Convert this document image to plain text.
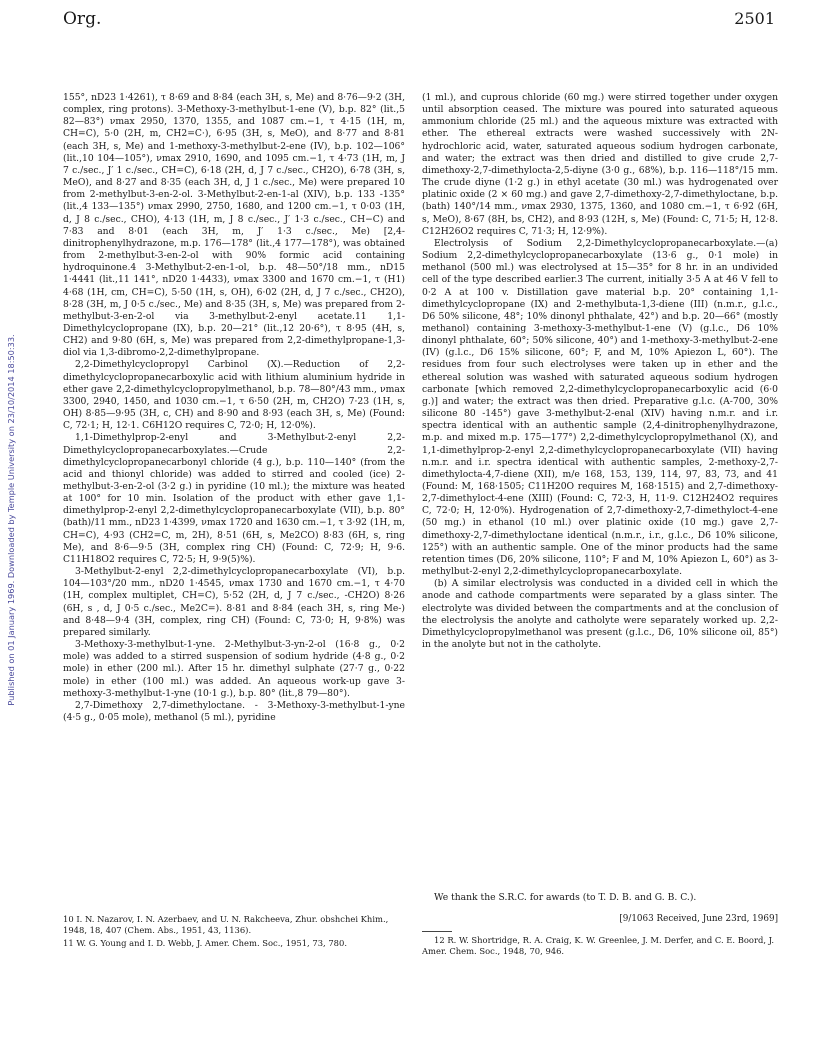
Org.	2501
Published on 01 January 1969. Downloaded by Temple University on 23/10/2014 18:50:33.

155°, nD23 1·4261), τ 8·69 and 8·84 (each 3H, s, Me) and 8·76—9·2 (3H, complex, ring protons). 3-Methoxy-3-methylbut-1-ene (V), b.p. 82° (lit.,5 82—83°) νmax 2950, 1370, 1355, and 1087 cm.−1, τ 4·15 (1H, m, CH=C), 5·0 (2H, m, CH2=C·), 6·95 (3H, s, MeO), and 8·77 and 8·81 (each 3H, s, Me) and 1-methoxy-3-methylbut-2-ene (IV), b.p. 102—106° (lit.,10 104—105°), νmax 2910, 1690, and 1095 cm.−1, τ 4·73 (1H, m, J 7 c./sec., J′ 1 c./sec., CH=C), 6·18 (2H, d, J 7 c./sec., CH2O), 6·78 (3H, s, MeO), and 8·27 and 8·35 (each 3H, d, J 1 c./sec., Me) were prepared 10 from 2-methylbut-3-en-2-ol. 3-Methylbut-2-en-1-al (XIV), b.p. 133 -135° (lit.,4 133—135°) νmax 2990, 2750, 1680, and 1200 cm.−1, τ 0·03 (1H, d, J 8 c./sec., CHO), 4·13 (1H, m, J 8 c./sec., J′ 1·3 c./sec., CH−C) and 7·83 and 8·01 (each 3H, m, J′ 1·3 c./sec., Me) [2,4-dinitrophenylhydrazone, m.p. 176—178° (lit.,4 177—178°), was obtained from 2-methylbut-3-en-2-ol with 90% formic acid containing hydroquinone.4 3-Methylbut-2-en-1-ol, b.p. 48—50°/18 mm., nD15 1·4441 (lit.,11 141°, nD20 1·4433), νmax 3300 and 1670 cm.−1, τ (H1) 4·68 (1H, cm, CH=C), 5·50 (1H, s, OH), 6·02 (2H, d, J 7 c./sec., CH2O), 8·28 (3H, m, J 0·5 c./sec., Me) and 8·35 (3H, s, Me) was prepared from 2-methylbut-3-en-2-ol via 3-methylbut-2-enyl acetate.11 1,1-Dimethylcyclopropane (IX), b.p. 20—21° (lit.,12 20·6°), τ 8·95 (4H, s, CH2) and 9·80 (6H, s, Me) was prepared from 2,2-dimethylpropane-1,3-diol via 1,3-dibromo-2,2-dimethylpropane.

2,2-Dimethylcyclopropyl Carbinol (X).—Reduction of 2,2-dimethylcyclopropanecarboxylic acid with lithium aluminium hydride in ether gave 2,2-dimethylcyclopropylmethanol, b.p. 78—80°/43 mm., νmax 3300, 2940, 1450, and 1030 cm.−1, τ 6·50 (2H, m, CH2O) 7·23 (1H, s, OH) 8·85—9·95 (3H, c, CH) and 8·90 and 8·93 (each 3H, s, Me) (Found: C, 72·1; H, 12·1. C6H12O requires C, 72·0; H, 12·0%).

1,1-Dimethylprop-2-enyl and 3-Methylbut-2-enyl 2,2-Dimethylcyclopropanecarboxylates.—Crude 2,2-dimethylcyclopropanecarbonyl chloride (4 g.), b.p. 110—140° (from the acid and thionyl chloride) was added to stirred and cooled (ice) 2-methylbut-3-en-2-ol (3·2 g.) in pyridine (10 ml.); the mixture was heated at 100° for 10 min. Isolation of the product with ether gave 1,1-dimethylprop-2-enyl 2,2-dimethylcyclopropanecarboxylate (VII), b.p. 80° (bath)/11 mm., nD23 1·4399, νmax 1720 and 1630 cm.−1, τ 3·92 (1H, m, CH=C), 4·93 (CH2=C, m, 2H), 8·51 (6H, s, Me2CO) 8·83 (6H, s, ring Me), and 8·6—9·5 (3H, complex ring CH) (Found: C, 72·9; H, 9·6. C11H18O2 requires C, 72·5; H, 9·9(5)%).

3-Methylbut-2-enyl 2,2-dimethylcyclopropanecarboxylate (VI), b.p. 104—103°/20 mm., nD20 1·4545, νmax 1730 and 1670 cm.−1, τ 4·70 (1H, complex multiplet, CH=C), 5·52 (2H, d, J 7 c./sec., -CH2O) 8·26 (6H, s , d, J 0·5 c./sec., Me2C=). 8·81 and 8·84 (each 3H, s, ring Me-) and 8·48—9·4 (3H, complex, ring CH) (Found: C, 73·0; H, 9·8%) was prepared similarly.

3-Methoxy-3-methylbut-1-yne. 2-Methylbut-3-yn-2-ol (16·8 g., 0·2 mole) was added to a stirred suspension of sodium hydride (4·8 g., 0·2 mole) in ether (200 ml.). After 15 hr. dimethyl sulphate (27·7 g., 0·22 mole) in ether (100 ml.) was added. An aqueous work-up gave 3-methoxy-3-methylbut-1-yne (10·1 g.), b.p. 80° (lit.,8 79—80°).

2,7-Dimethoxy 2,7-dimethyloctane. - 3-Methoxy-3-methylbut-1-yne (4·5 g., 0·05 mole), methanol (5 ml.), pyridine

10 I. N. Nazarov, I. N. Azerbaev, and U. N. Rakcheeva, Zhur. obshchei Khim., 1948, 18, 407 (Chem. Abs., 1951, 43, 1136).

11 W. G. Young and I. D. Webb, J. Amer. Chem. Soc., 1951, 73, 780.

(1 ml.), and cuprous chloride (60 mg.) were stirred together under oxygen until absorption ceased. The mixture was poured into saturated aqueous ammonium chloride (25 ml.) and the aqueous mixture was extracted with ether. The ethereal extracts were washed successively with 2N-hydrochloric acid, water, saturated aqueous sodium hydrogen carbonate, and water; the extract was then dried and distilled to give crude 2,7-dimethoxy-2,7-dimethylocta-2,5-diyne (3·0 g., 68%), b.p. 116—118°/15 mm. The crude diyne (1·2 g.) in ethyl acetate (30 ml.) was hydrogenated over platinic oxide (2 × 60 mg.) and gave 2,7-dimethoxy-2,7-dimethyloctane, b.p. (bath) 140°/14 mm., νmax 2930, 1375, 1360, and 1080 cm.−1, τ 6·92 (6H, s, MeO), 8·67 (8H, bs, CH2), and 8·93 (12H, s, Me) (Found: C, 71·5; H, 12·8. C12H26O2 requires C, 71·3; H, 12·9%).

Electrolysis of Sodium 2,2-Dimethylcyclopropanecarboxylate.—(a) Sodium 2,2-dimethylcyclopropanecarboxylate (13·6 g., 0·1 mole) in methanol (500 ml.) was electrolysed at 15—35° for 8 hr. in an undivided cell of the type described earlier.3 The current, initially 3·5 A at 46 V fell to 0·2 A at 100 v. Distillation gave material b.p. 20° containing 1,1-dimethylcyclopropane (IX) and 2-methylbuta-1,3-diene (III) (n.m.r., g.l.c., D6 50% silicone, 48°; 10% dinonyl phthalate, 42°) and b.p. 20—66° (mostly methanol) containing 3-methoxy-3-methylbut-1-ene (V) (g.l.c., D6 10% dinonyl phthalate, 60°; 50% silicone, 40°) and 1-methoxy-3-methylbut-2-ene (IV) (g.l.c., D6 15% silicone, 60°; F, and M, 10% Apiezon L, 60°). The residues from four such electrolyses were taken up in ether and the ethereal solution was washed with saturated aqueous sodium hydrogen carbonate [which removed 2,2-dimethylcyclopropanecarboxylic acid (6·0 g.)] and water; the extract was then dried. Preparative g.l.c. (A-700, 30% silicone 80 -145°) gave 3-methylbut-2-enal (XIV) having n.m.r. and i.r. spectra identical with an authentic sample (2,4-dinitrophenylhydrazone, m.p. and mixed m.p. 175—177°) 2,2-dimethylcyclopropylmethanol (X), and 1,1-dimethylprop-2-enyl 2,2-dimethylcyclopropanecarboxylate (VII) having n.m.r. and i.r. spectra identical with authentic samples, 2-methoxy-2,7-dimethylocta-4,7-diene (XII), m/e 168, 153, 139, 114, 97, 83, 73, and 41 (Found: M, 168·1505; C11H20O requires M, 168·1515) and 2,7-dimethoxy-2,7-dimethyloct-4-ene (XIII) (Found: C, 72·3, H, 11·9. C12H24O2 requires C, 72·0; H, 12·0%). Hydrogenation of 2,7-dimethoxy-2,7-dimethyloct-4-ene (50 mg.) in ethanol (10 ml.) over platinic oxide (10 mg.) gave 2,7-dimethoxy-2,7-dimethyloctane identical (n.m.r., i.r., g.l.c., D6 10% silicone, 125°) with an authentic sample. One of the minor products had the same retention times (D6, 20% silicone, 110°; F and M, 10% Apiezon L, 60°) as 3-methylbut-2-enyl 2,2-dimethylcyclopropanecarboxylate.

(b) A similar electrolysis was conducted in a divided cell in which the anode and cathode compartments were separated by a glass sinter. The electrolyte was divided between the compartments and at the conclusion of the electrolysis the anolyte and catholyte were separately worked up. 2,2-Dimethylcyclopropylmethanol was present (g.l.c., D6, 10% silicone oil, 85°) in the anolyte but not in the catholyte.

We thank the S.R.C. for awards (to T. D. B. and G. B. C.).

[9/1063 Received, June 23rd, 1969]

12 R. W. Shortridge, R. A. Craig, K. W. Greenlee, J. M. Derfer, and C. E. Boord, J. Amer. Chem. Soc., 1948, 70, 946.
